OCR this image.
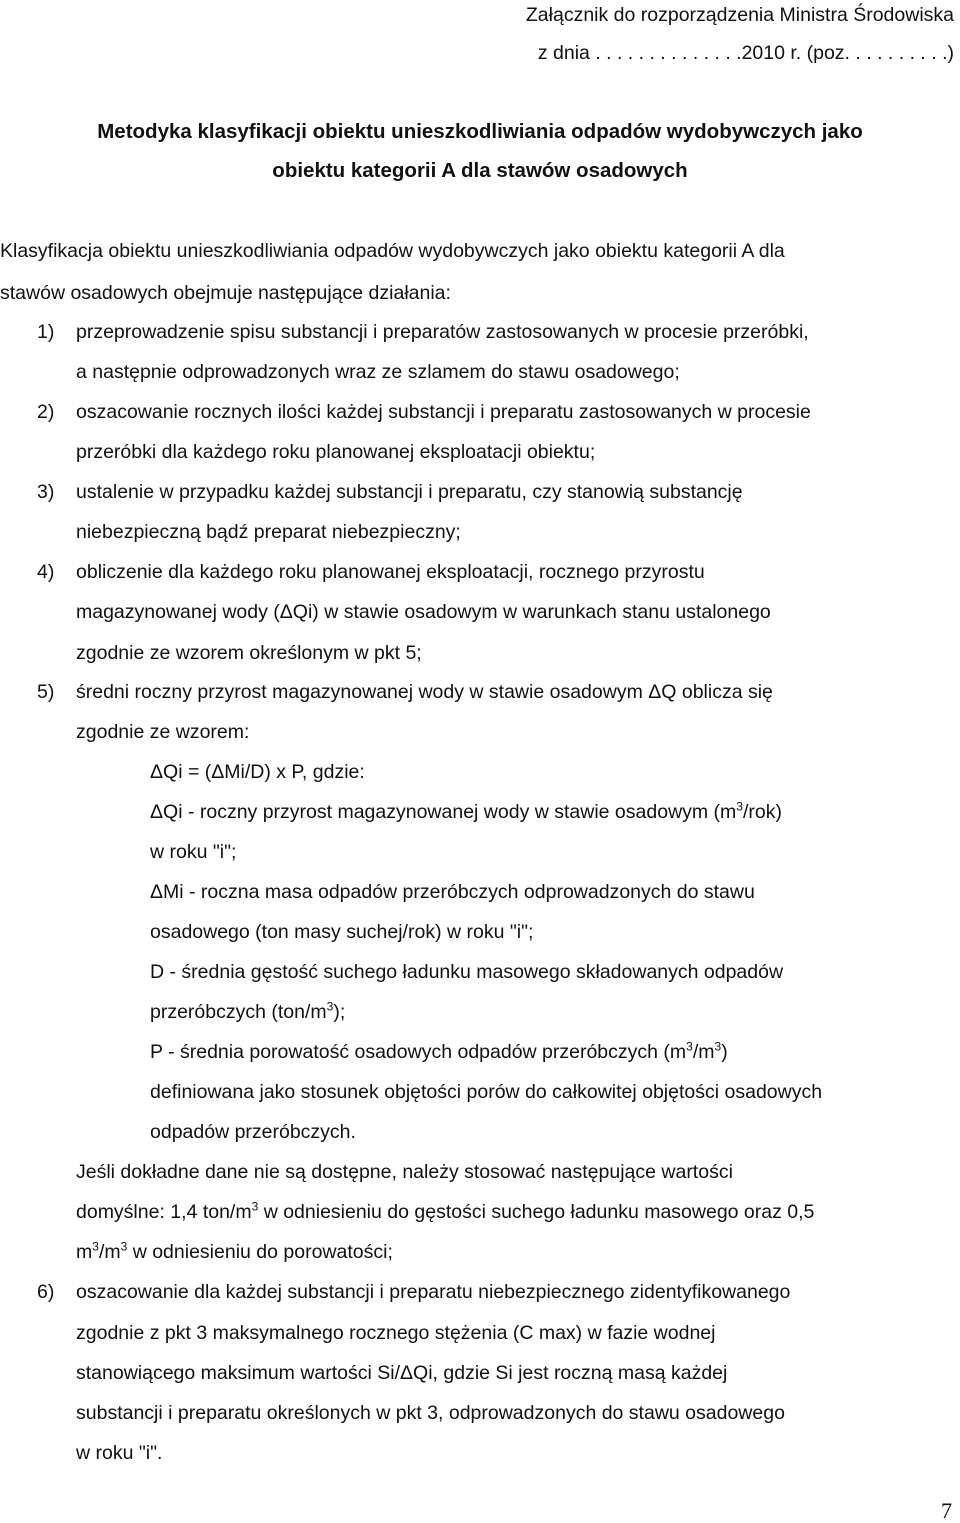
Załącznik do rozporządzenia Ministra Środowiska
z dnia . . . . . . . . . . . . . .2010 r. (poz. . . . . . . . . .)
Metodyka klasyfikacji obiektu unieszkodliwiania odpadów wydobywczych jako
obiektu kategorii A dla stawów osadowych
Klasyfikacja obiektu unieszkodliwiania odpadów wydobywczych jako obiektu kategorii A dla
stawów osadowych obejmuje następujące działania:
1) przeprowadzenie spisu substancji i preparatów zastosowanych w procesie przeróbki,
a następnie odprowadzonych wraz ze szlamem do stawu osadowego;
2) oszacowanie rocznych ilości każdej substancji i preparatu zastosowanych w procesie
przeróbki dla każdego roku planowanej eksploatacji obiektu;
3) ustalenie w przypadku każdej substancji i preparatu, czy stanowią substancję
niebezpieczną bądź preparat niebezpieczny;
4) obliczenie dla każdego roku planowanej eksploatacji, rocznego przyrostu
magazynowanej wody (ΔQi) w stawie osadowym w warunkach stanu ustalonego
zgodnie ze wzorem określonym w pkt 5;
5) średni roczny przyrost magazynowanej wody w stawie osadowym ΔQ oblicza się
zgodnie ze wzorem:
ΔQi = (ΔMi/D) x P, gdzie:
ΔQi - roczny przyrost magazynowanej wody w stawie osadowym $(m^3/rok)$
w roku "i";
ΔMi - roczna masa odpadów przeróbczych odprowadzonych do stawu
osadowego (ton masy suchej/rok) w roku "i";
D - średnia gęstość suchego ładunku masowego składowanych odpadów
przeróbczych $(ton/m^3)$;
P - średnia porowatość osadowych odpadów przeróbczych $(m^3/m^3)$
definiowana jako stosunek objętości porów do całkowitej objętości osadowych
odpadów przeróbczych.
Jeśli dokładne dane nie są dostępne, należy stosować następujące wartości
domyślne: 1,4 ton/$m^3$ w odniesieniu do gęstości suchego ładunku masowego oraz 0,5
$m^3/m^3$ w odniesieniu do porowatości;
6) oszacowanie dla każdej substancji i preparatu niebezpiecznego zidentyfikowanego
zgodnie z pkt 3 maksymalnego rocznego stężenia (C max) w fazie wodnej
stanowiącego maksimum wartości Si/ΔQi, gdzie Si jest roczną masą każdej
substancji i preparatu określonych w pkt 3, odprowadzonych do stawu osadowego
w roku "i".
7
